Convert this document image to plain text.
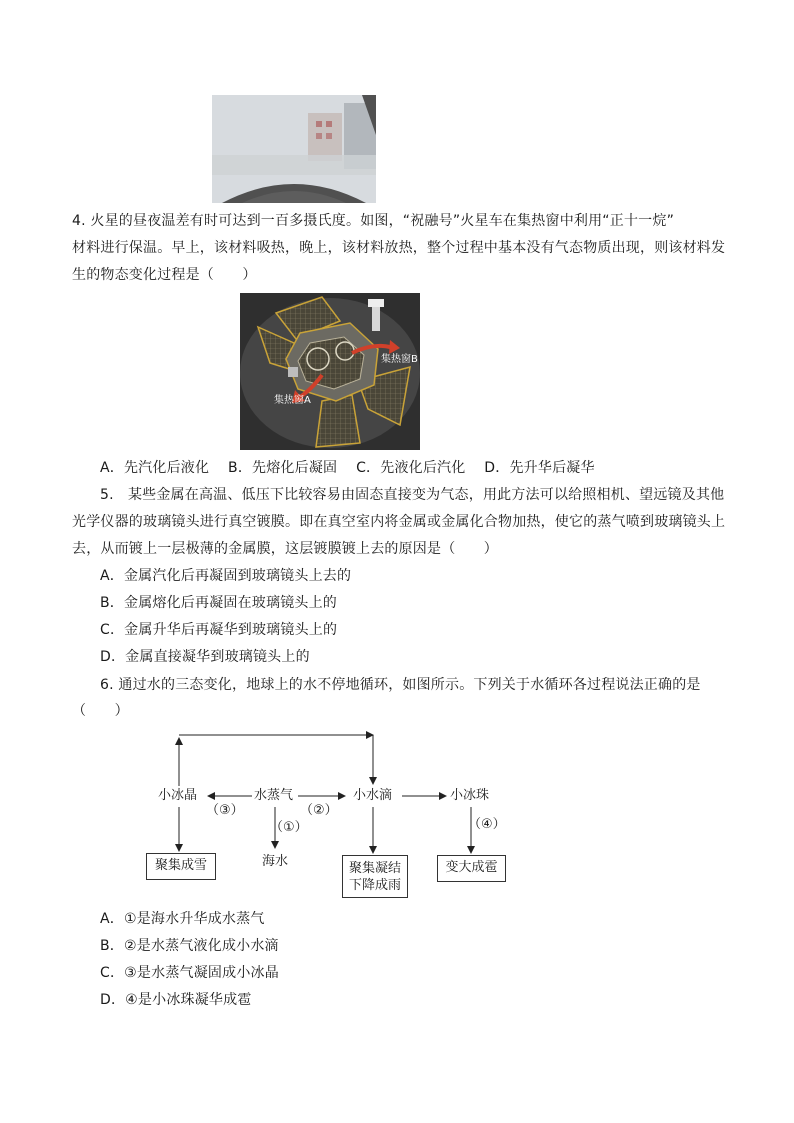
4. 火星的昼夜温差有时可达到一百多摄氏度。如图，“祝融号”火星车在集热窗中利用“正十一烷”
材料进行保温。早上，该材料吸热，晚上，该材料放热，整个过程中基本没有气态物质出现，则该材料发
生的物态变化过程是（　　）
集热窗B
集热窗A
A．先汽化后液化　 B．先熔化后凝固　 C．先液化后汽化　 D．先升华后凝华
5.　某些金属在高温、低压下比较容易由固态直接变为气态，用此方法可以给照相机、望远镜及其他
光学仪器的玻璃镜头进行真空镀膜。即在真空室内将金属或金属化合物加热，使它的蒸气喷到玻璃镜头上
去，从而镀上一层极薄的金属膜，这层镀膜镀上去的原因是（　　）
A．金属汽化后再凝固到玻璃镜头上去的
B．金属熔化后再凝固在玻璃镜头上的
C．金属升华后再凝华到玻璃镜头上的
D．金属直接凝华到玻璃镜头上的
6. 通过水的三态变化，地球上的水不停地循环，如图所示。下列关于水循环各过程说法正确的是
（　　）
小冰晶	水蒸气	小水滴	小冰珠
（③）	（②）
（①）	（④）
海水
聚集成雪	聚集凝结
下降成雨
变大成雹
A．①是海水升华成水蒸气
B．②是水蒸气液化成小水滴
C．③是水蒸气凝固成小冰晶
D．④是小冰珠凝华成雹
